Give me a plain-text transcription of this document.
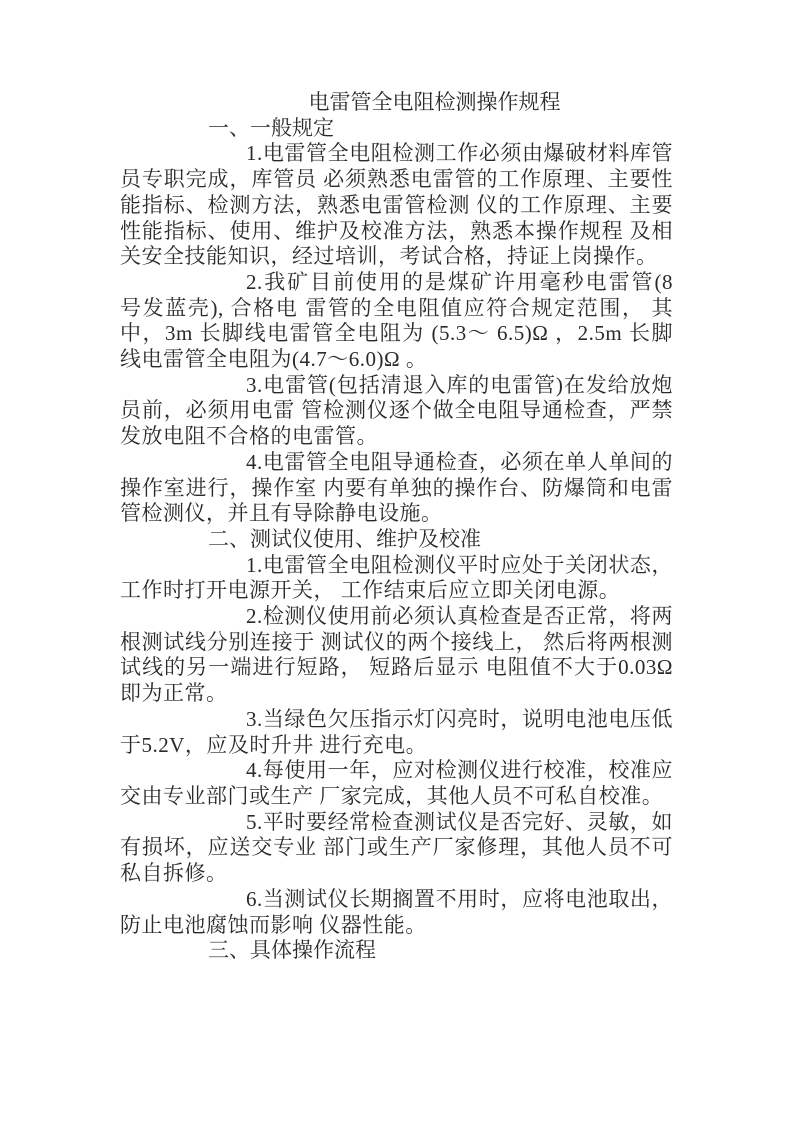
电雷管全电阻检测操作规程
一、一般规定

1.电雷管全电阻检测工作必须由爆破材料库管员专职完成，库管员 必须熟悉电雷管的工作原理、主要性能指标、检测方法，熟悉电雷管检测 仪的工作原理、主要性能指标、使用、维护及校准方法，熟悉本操作规程 及相关安全技能知识，经过培训，考试合格，持证上岗操作。

2.我矿目前使用的是煤矿许用毫秒电雷管(8 号发蓝壳), 合格电 雷管的全电阻值应符合规定范围， 其中，3m 长脚线电雷管全电阻为 (5.3～ 6.5)Ω ，2.5m 长脚线电雷管全电阻为(4.7～6.0)Ω 。

3.电雷管(包括清退入库的电雷管)在发给放炮员前，必须用电雷 管检测仪逐个做全电阻导通检查，严禁发放电阻不合格的电雷管。

4.电雷管全电阻导通检查，必须在单人单间的操作室进行，操作室 内要有单独的操作台、防爆筒和电雷管检测仪，并且有导除静电设施。

二、测试仪使用、维护及校准

1.电雷管全电阻检测仪平时应处于关闭状态，工作时打开电源开关， 工作结束后应立即关闭电源。

2.检测仪使用前必须认真检查是否正常，将两根测试线分别连接于 测试仪的两个接线上， 然后将两根测试线的另一端进行短路， 短路后显示 电阻值不大于0.03Ω 即为正常。

3.当绿色欠压指示灯闪亮时，说明电池电压低于5.2V，应及时升井 进行充电。

4.每使用一年，应对检测仪进行校准，校准应交由专业部门或生产 厂家完成，其他人员不可私自校准。

5.平时要经常检查测试仪是否完好、灵敏，如有损坏，应送交专业 部门或生产厂家修理，其他人员不可私自拆修。

6.当测试仪长期搁置不用时，应将电池取出，防止电池腐蚀而影响 仪器性能。

三、具体操作流程
